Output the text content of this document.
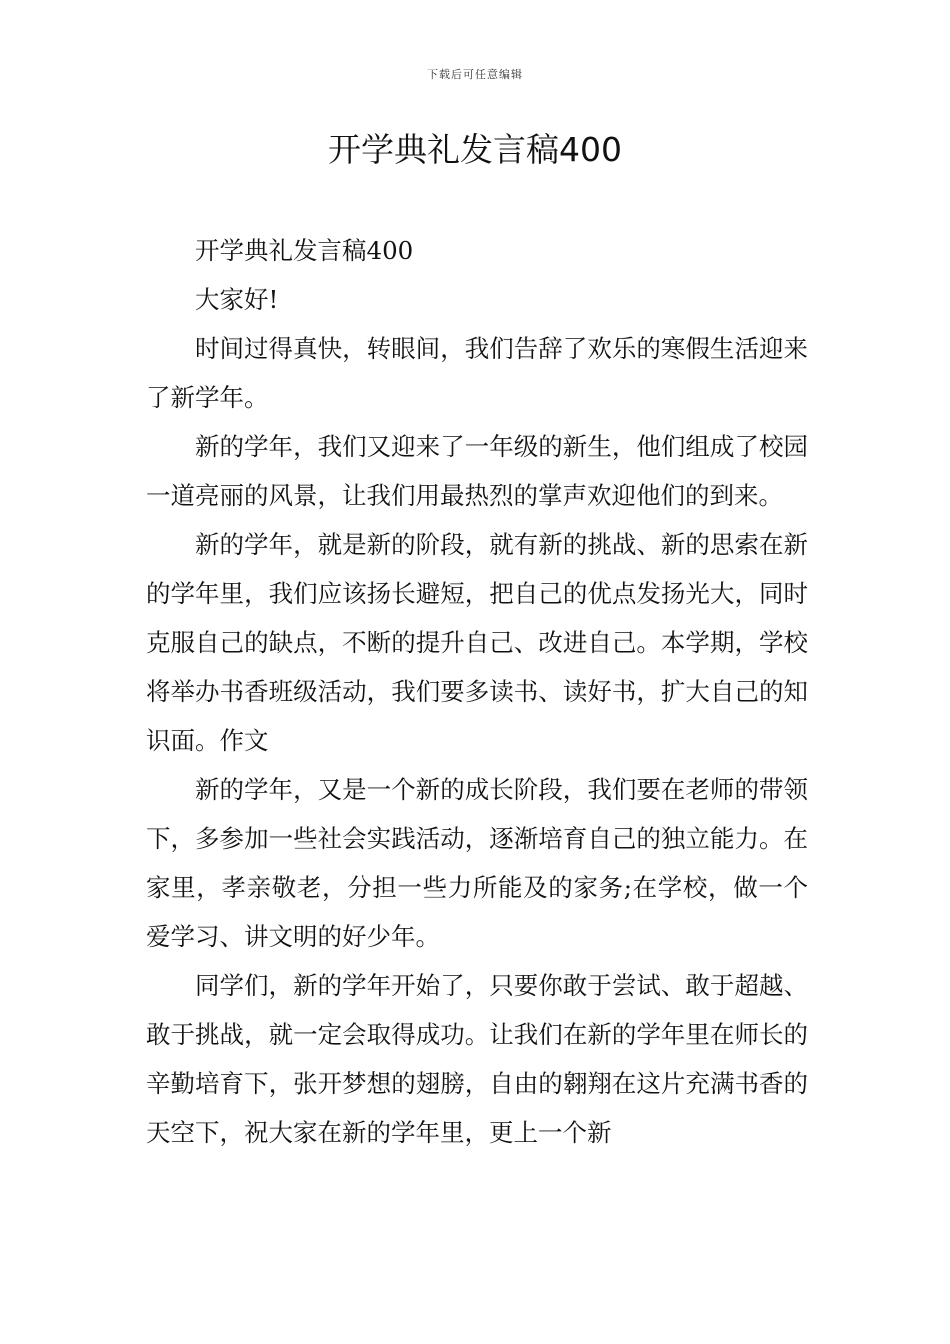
下载后可任意编辑
开学典礼发言稿400

开学典礼发言稿400

大家好!

时间过得真快，转眼间，我们告辞了欢乐的寒假生活迎来了新学年。

新的学年，我们又迎来了一年级的新生，他们组成了校园一道亮丽的风景，让我们用最热烈的掌声欢迎他们的到来。

新的学年，就是新的阶段，就有新的挑战、新的思索在新的学年里，我们应该扬长避短，把自己的优点发扬光大，同时克服自己的缺点，不断的提升自己、改进自己。本学期，学校将举办书香班级活动，我们要多读书、读好书，扩大自己的知识面。作文

新的学年，又是一个新的成长阶段，我们要在老师的带领下，多参加一些社会实践活动，逐渐培育自己的独立能力。在家里，孝亲敬老，分担一些力所能及的家务;在学校，做一个爱学习、讲文明的好少年。

同学们，新的学年开始了，只要你敢于尝试、敢于超越、敢于挑战，就一定会取得成功。让我们在新的学年里在师长的辛勤培育下，张开梦想的翅膀，自由的翱翔在这片充满书香的天空下，祝大家在新的学年里，更上一个新
